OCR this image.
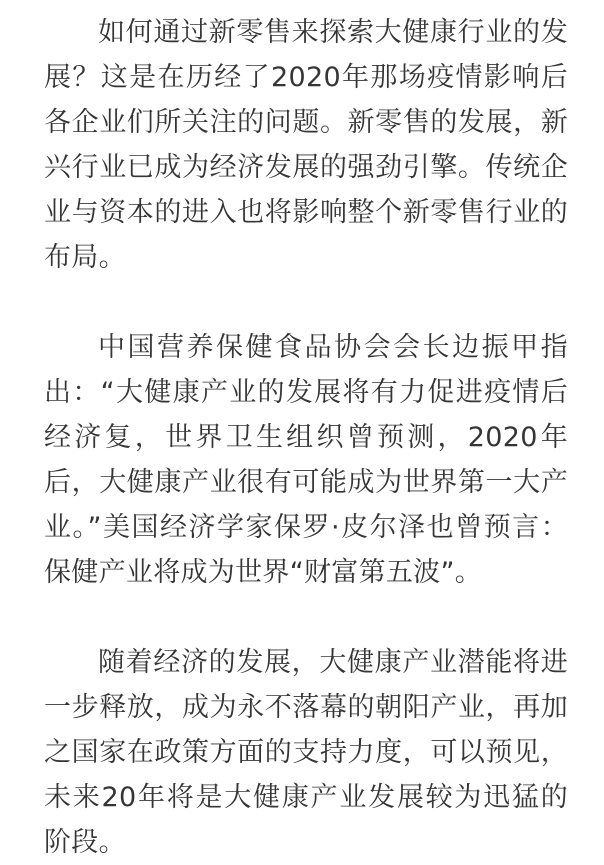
如何通过新零售来探索大健康行业的发展？这是在历经了2020年那场疫情影响后各企业们所关注的问题。新零售的发展，新兴行业已成为经济发展的强劲引擎。传统企业与资本的进入也将影响整个新零售行业的布局。

中国营养保健食品协会会长边振甲指出：“大健康产业的发展将有力促进疫情后经济复，世界卫生组织曾预测，2020年后，大健康产业很有可能成为世界第一大产业。”美国经济学家保罗·皮尔泽也曾预言：保健产业将成为世界“财富第五波”。

随着经济的发展，大健康产业潜能将进一步释放，成为永不落幕的朝阳产业，再加之国家在政策方面的支持力度，可以预见，未来20年将是大健康产业发展较为迅猛的阶段。
